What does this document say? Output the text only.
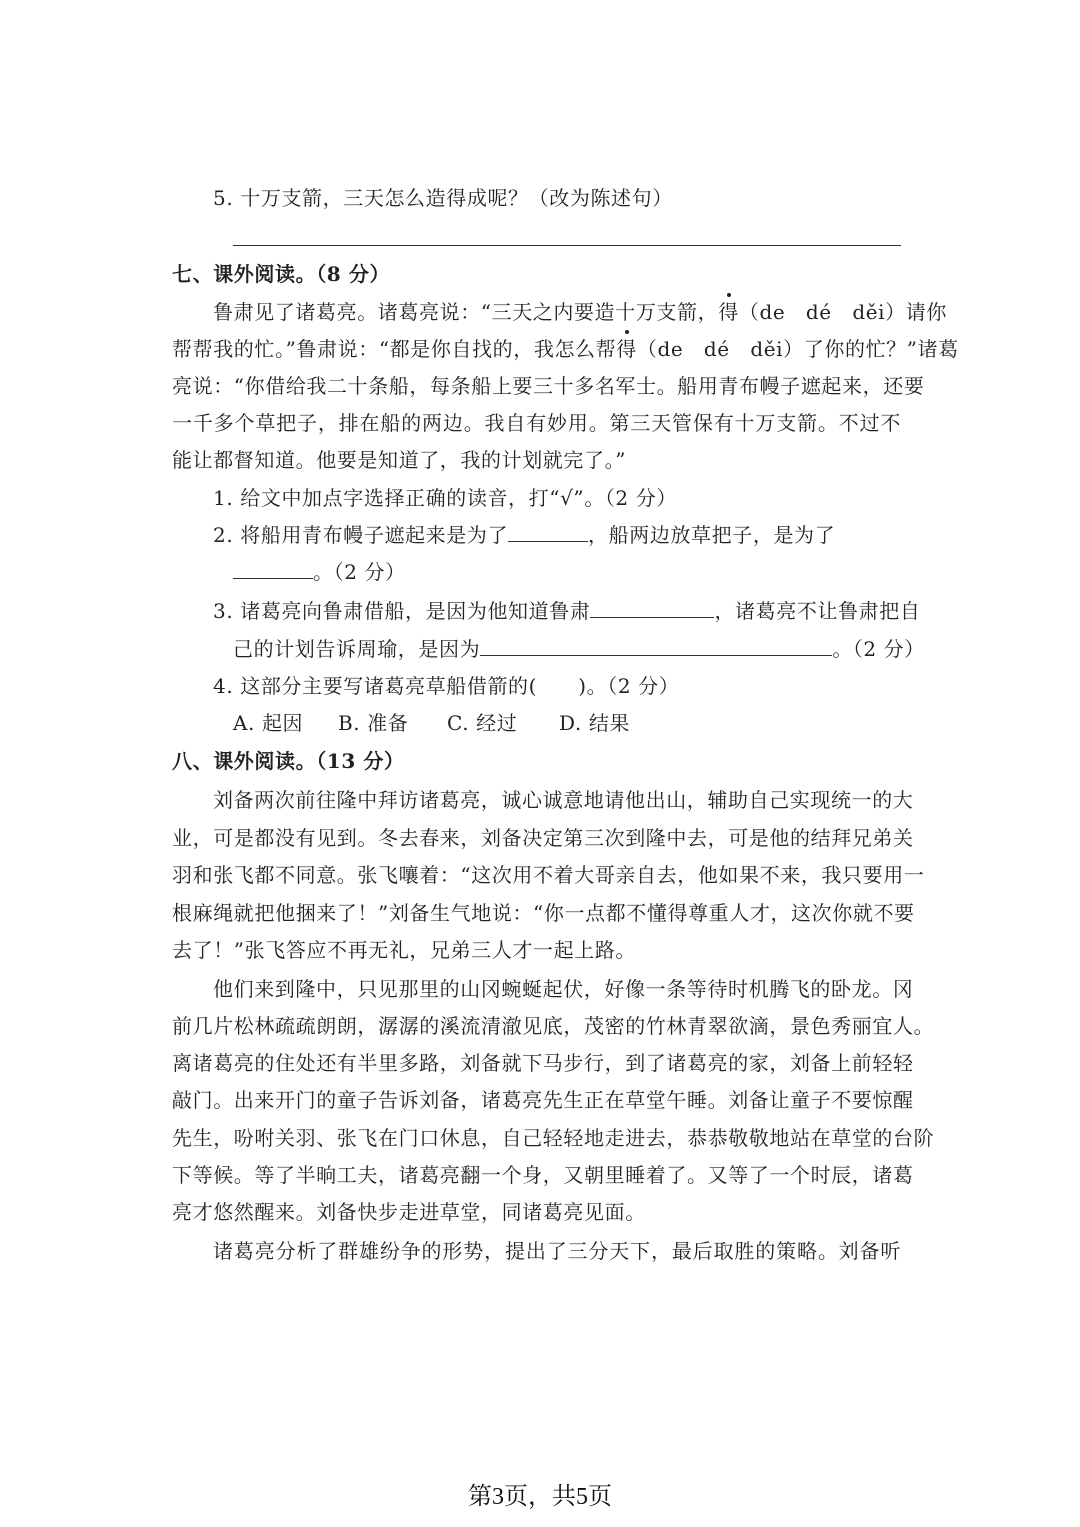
5. 十万支箭，三天怎么造得成呢？（改为陈述句）
七、课外阅读。（8 分）
鲁肃见了诸葛亮。诸葛亮说：“三天之内要造十万支箭，得（de　dé　děi）请你
帮帮我的忙。”鲁肃说：“都是你自找的，我怎么帮得（de　dé　děi）了你的忙？”诸葛
亮说：“你借给我二十条船，每条船上要三十多名军士。船用青布幔子遮起来，还要
一千多个草把子，排在船的两边。我自有妙用。第三天管保有十万支箭。不过不
能让都督知道。他要是知道了，我的计划就完了。”
1. 给文中加点字选择正确的读音，打“√”。（2 分）
2. 将船用青布幔子遮起来是为了	，船两边放草把子，是为了
。（2 分）
3. 诸葛亮向鲁肃借船，是因为他知道鲁肃	，诸葛亮不让鲁肃把自
己的计划告诉周瑜，是因为	。（2 分）
4. 这部分主要写诸葛亮草船借箭的(　　)。（2 分）
A. 起因 B. 准备 C. 经过 D. 结果
八、课外阅读。（13 分）
刘备两次前往隆中拜访诸葛亮，诚心诚意地请他出山，辅助自己实现统一的大
业，可是都没有见到。冬去春来，刘备决定第三次到隆中去，可是他的结拜兄弟关
羽和张飞都不同意。张飞嚷着：“这次用不着大哥亲自去，他如果不来，我只要用一
根麻绳就把他捆来了！”刘备生气地说：“你一点都不懂得尊重人才，这次你就不要
去了！”张飞答应不再无礼，兄弟三人才一起上路。
他们来到隆中，只见那里的山冈蜿蜒起伏，好像一条等待时机腾飞的卧龙。冈
前几片松林疏疏朗朗，潺潺的溪流清澈见底，茂密的竹林青翠欲滴，景色秀丽宜人。
离诸葛亮的住处还有半里多路，刘备就下马步行，到了诸葛亮的家，刘备上前轻轻
敲门。出来开门的童子告诉刘备，诸葛亮先生正在草堂午睡。刘备让童子不要惊醒
先生，吩咐关羽、张飞在门口休息，自己轻轻地走进去，恭恭敬敬地站在草堂的台阶
下等候。等了半晌工夫，诸葛亮翻一个身，又朝里睡着了。又等了一个时辰，诸葛
亮才悠然醒来。刘备快步走进草堂，同诸葛亮见面。
诸葛亮分析了群雄纷争的形势，提出了三分天下，最后取胜的策略。刘备听
第3页，共5页
